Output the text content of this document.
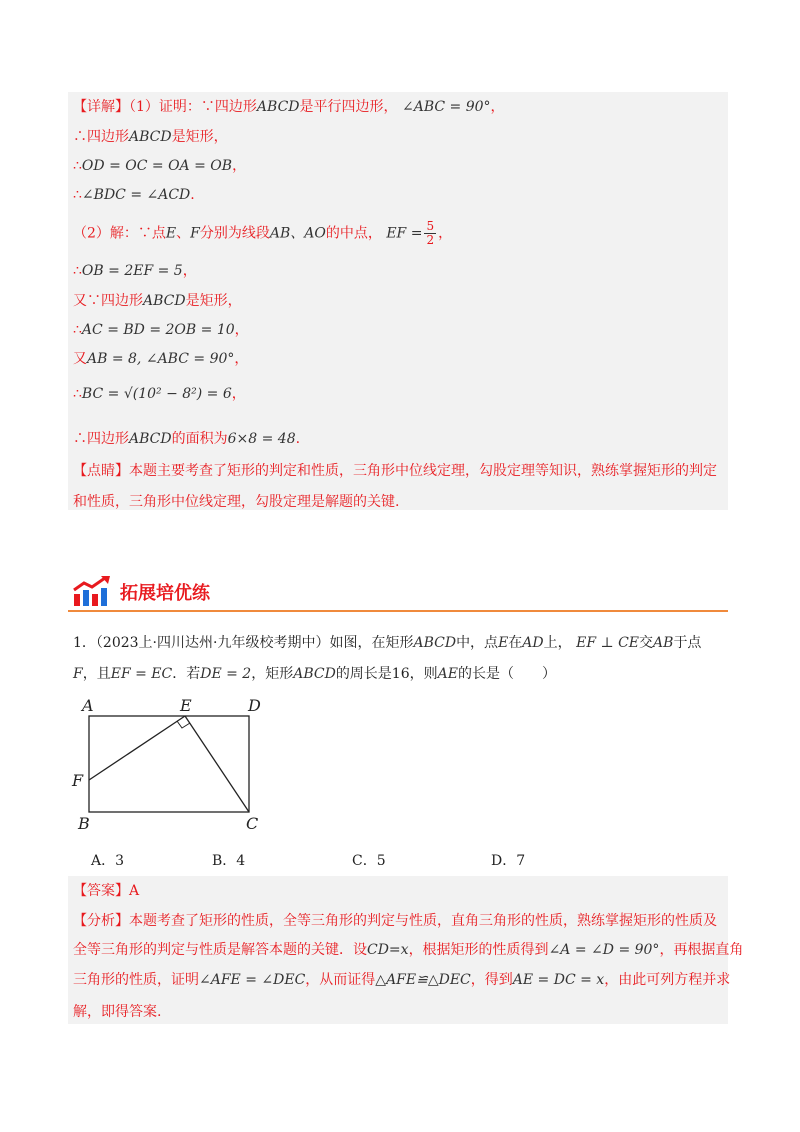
【详解】（1）证明：∵四边形ABCD是平行四边形， ∠ABC = 90°，
∴四边形ABCD是矩形，
∴OD = OC = OA = OB，
∴∠BDC = ∠ACD.
（2）解：∵点E、F分别为线段AB、AO的中点， EF = $\frac{5}{2}$ ，
∴OB = 2EF = 5，
又∵四边形ABCD是矩形，
∴AC = BD = 2OB = 10，
又AB = 8, ∠ABC = 90°，
∴BC = √(10² − 8²) = 6，
∴四边形ABCD的面积为6×8 = 48.
【点睛】本题主要考查了矩形的判定和性质，三角形中位线定理，勾股定理等知识，熟练掌握矩形的判定
和性质，三角形中位线定理，勾股定理是解题的关键.
拓展培优练
1．（2023上·四川达州·九年级校考期中）如图，在矩形ABCD中，点E在AD上， EF ⊥ CE交AB于点
F，且EF = EC．若DE = 2，矩形ABCD的周长是16，则AE的长是（　　）
A	E	D
F
B	C
A．3	B．4	C．5	D．7
【答案】A
【分析】本题考查了矩形的性质，全等三角形的判定与性质，直角三角形的性质，熟练掌握矩形的性质及
全等三角形的判定与性质是解答本题的关键．设CD=x，根据矩形的性质得到∠A = ∠D = 90°，再根据直角
三角形的性质，证明∠AFE = ∠DEC，从而证得△AFE≌△DEC，得到AE = DC = x，由此可列方程并求
解，即得答案.
